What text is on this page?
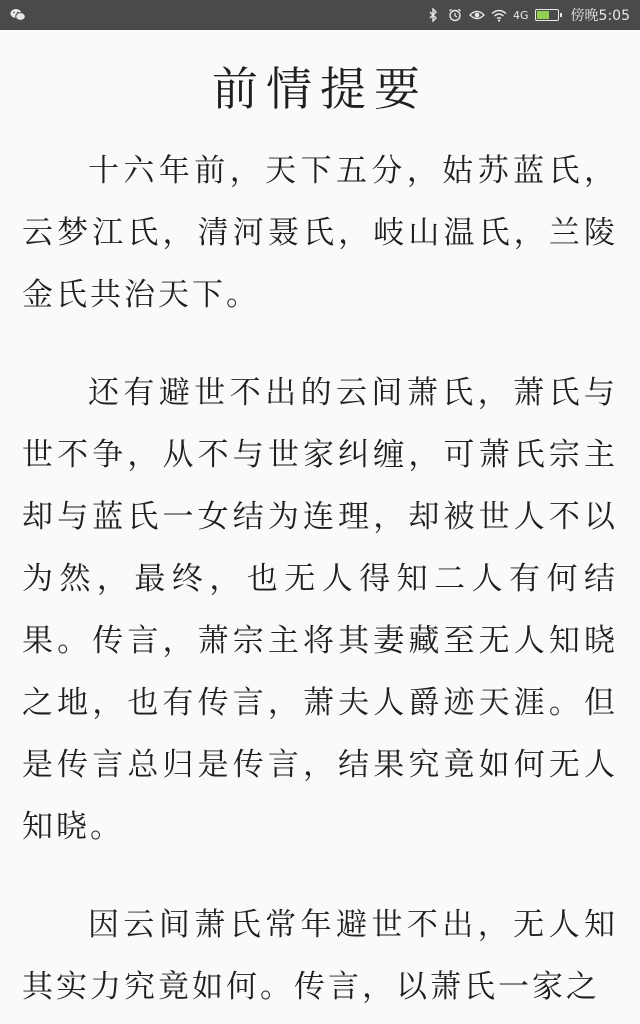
4G	傍晚5:05
前情提要

十六年前，天下五分，姑苏蓝氏，云梦江氏，清河聂氏，岐山温氏，兰陵金氏共治天下。

还有避世不出的云间萧氏，萧氏与世不争，从不与世家纠缠，可萧氏宗主却与蓝氏一女结为连理，却被世人不以为然，最终，也无人得知二人有何结果。传言，萧宗主将其妻藏至无人知晓之地，也有传言，萧夫人爵迹天涯。但是传言总归是传言，结果究竟如何无人知晓。

因云间萧氏常年避世不出，无人知其实力究竟如何。传言，以萧氏一家之
